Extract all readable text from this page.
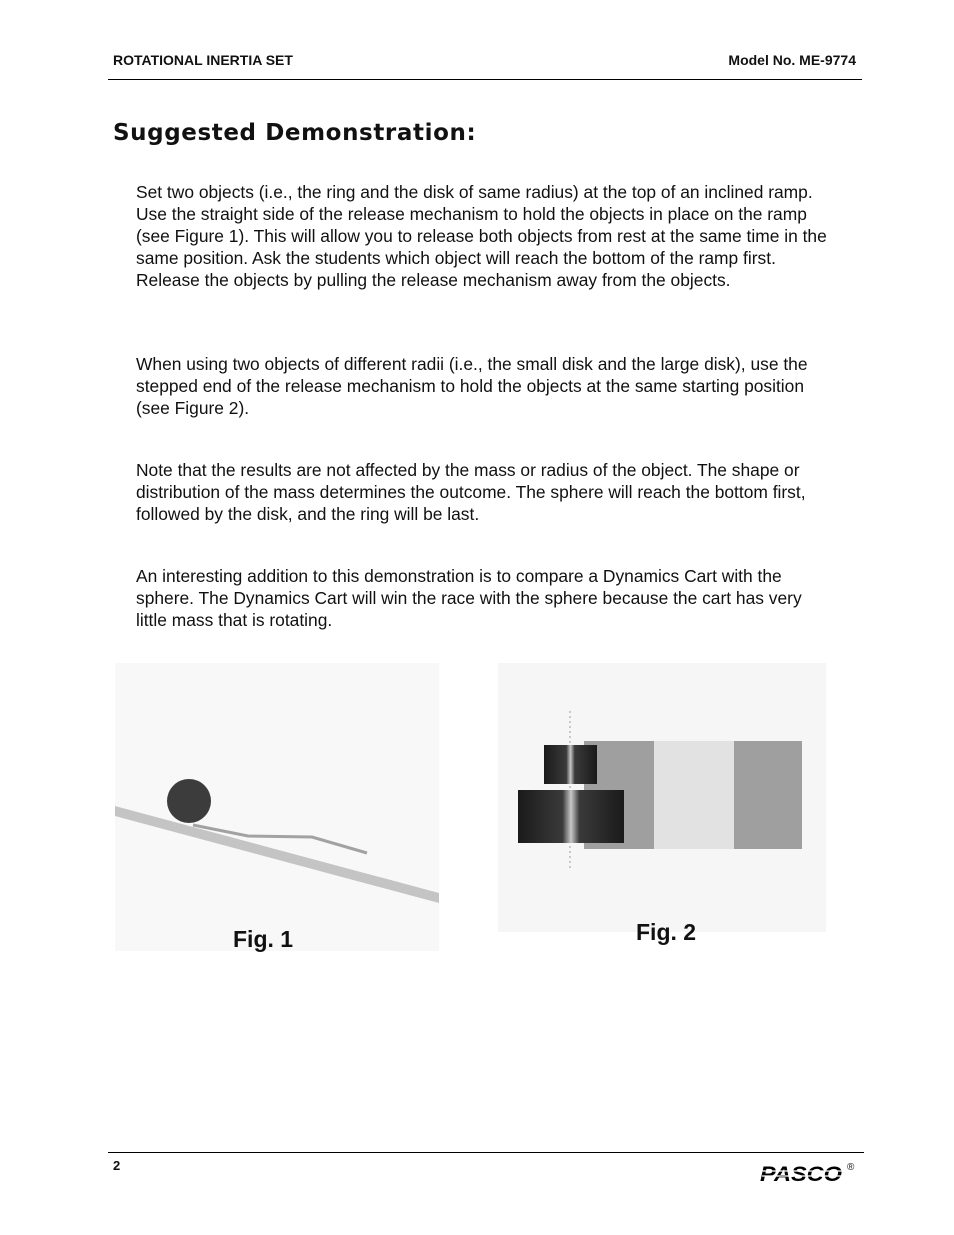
ROTATIONAL INERTIA SET	Model No. ME-9774
Suggested Demonstration:

Set two objects (i.e., the ring and the disk of same radius) at the top of an inclined ramp. Use the straight side of the release mechanism to hold the objects in place on the ramp (see Figure 1). This will allow you to release both objects from rest at the same time in the same position. Ask the students which object will reach the bottom of the ramp first. Release the objects by pulling the release mechanism away from the objects.

When using two objects of different radii (i.e., the small disk and the large disk), use the stepped end of the release mechanism to hold the objects at the same starting position (see Figure 2).

Note that the results are not affected by the mass or radius of the object. The shape or distribution of the mass determines the outcome. The sphere will reach the bottom first, followed by the disk, and the ring will be last.

An interesting addition to this demonstration is to compare a Dynamics Cart with the sphere. The Dynamics Cart will win the race with the sphere because the cart has very little mass that is rotating.

Fig. 1	Fig. 2

2	PASCO ®
